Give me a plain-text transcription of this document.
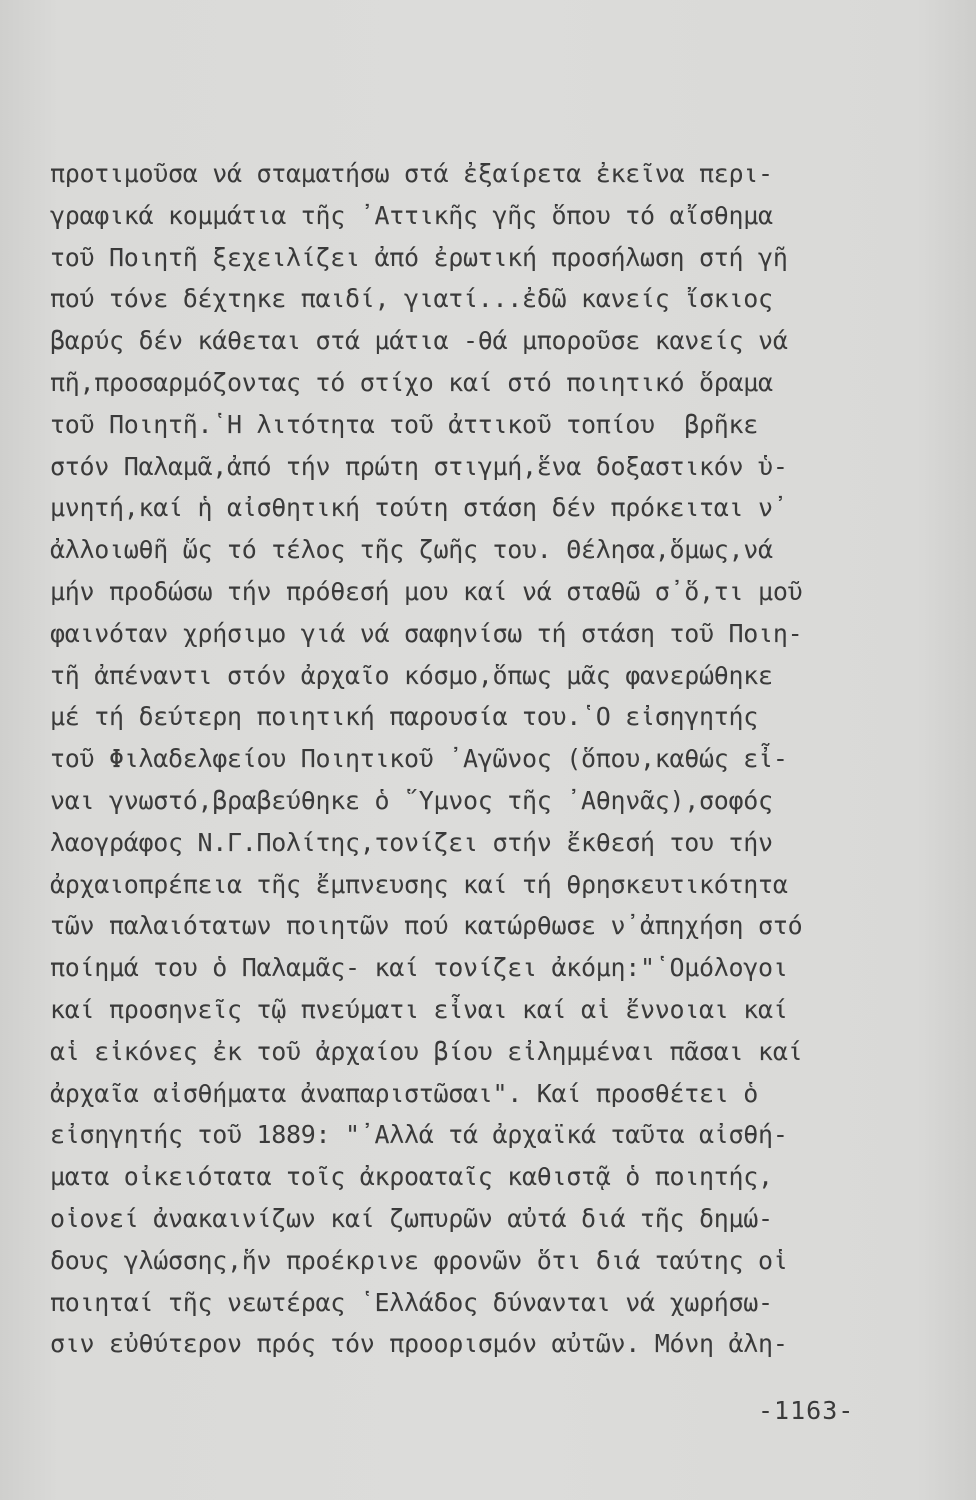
προτιμοῦσα νά σταματήσω στά ἐξαίρετα ἐκεῖνα περι-
γραφικά κομμάτια τῆς ᾿Αττικῆς γῆς ὅπου τό αἴσθημα
τοῦ Ποιητῆ ξεχειλίζει ἀπό ἐρωτική προσήλωση στή γῆ
πού τόνε δέχτηκε παιδί, γιατί...ἐδῶ κανείς ἴσκιος
βαρύς δέν κάθεται στά μάτια -θά μποροῦσε κανείς νά
πῆ,προσαρμόζοντας τό στίχο καί στό ποιητικό ὅραμα
τοῦ Ποιητῆ.῾Η λιτότητα τοῦ ἀττικοῦ τοπίου  βρῆκε
στόν Παλαμᾶ,ἀπό τήν πρώτη στιγμή,ἕνα δοξαστικόν ὑ-
μνητή,καί ἡ αἰσθητική τούτη στάση δέν πρόκειται ν᾿
ἀλλοιωθῆ ὥς τό τέλος τῆς ζωῆς του. Θέλησα,ὅμως,νά
μήν προδώσω τήν πρόθεσή μου καί νά σταθῶ σ᾿ὅ,τι μοῦ
φαινόταν χρήσιμο γιά νά σαφηνίσω τή στάση τοῦ Ποιη-
τῆ ἀπέναντι στόν ἀρχαῖο κόσμο,ὅπως μᾶς φανερώθηκε
μέ τή δεύτερη ποιητική παρουσία του.῾Ο εἰσηγητής
τοῦ Φιλαδελφείου Ποιητικοῦ ᾿Αγῶνος (ὅπου,καθώς εἶ-
ναι γνωστό,βραβεύθηκε ὁ ῞Υμνος τῆς ᾿Αθηνᾶς),σοφός
λαογράφος Ν.Γ.Πολίτης,τονίζει στήν ἔκθεσή του τήν
ἀρχαιοπρέπεια τῆς ἔμπνευσης καί τή θρησκευτικότητα
τῶν παλαιότατων ποιητῶν πού κατώρθωσε ν᾿ἀπηχήση στό
ποίημά του ὁ Παλαμᾶς- καί τονίζει ἀκόμη:"῾Ομόλογοι
καί προσηνεῖς τῷ πνεύματι εἶναι καί αἱ ἔννοιαι καί
αἱ εἰκόνες ἐκ τοῦ ἀρχαίου βίου εἰλημμέναι πᾶσαι καί
ἀρχαῖα αἰσθήματα ἀναπαριστῶσαι". Καί προσθέτει ὁ
εἰσηγητής τοῦ 1889: "᾿Αλλά τά ἀρχαϊκά ταῦτα αἰσθή-
ματα οἰκειότατα τοῖς ἀκροαταῖς καθιστᾷ ὁ ποιητής,
οἱονεί ἀνακαινίζων καί ζωπυρῶν αὐτά διά τῆς δημώ-
δους γλώσσης,ἥν προέκρινε φρονῶν ὅτι διά ταύτης οἱ
ποιηταί τῆς νεωτέρας ῾Ελλάδος δύνανται νά χωρήσω-
σιν εὐθύτερον πρός τόν προορισμόν αὐτῶν. Μόνη ἀλη-
-1163-
